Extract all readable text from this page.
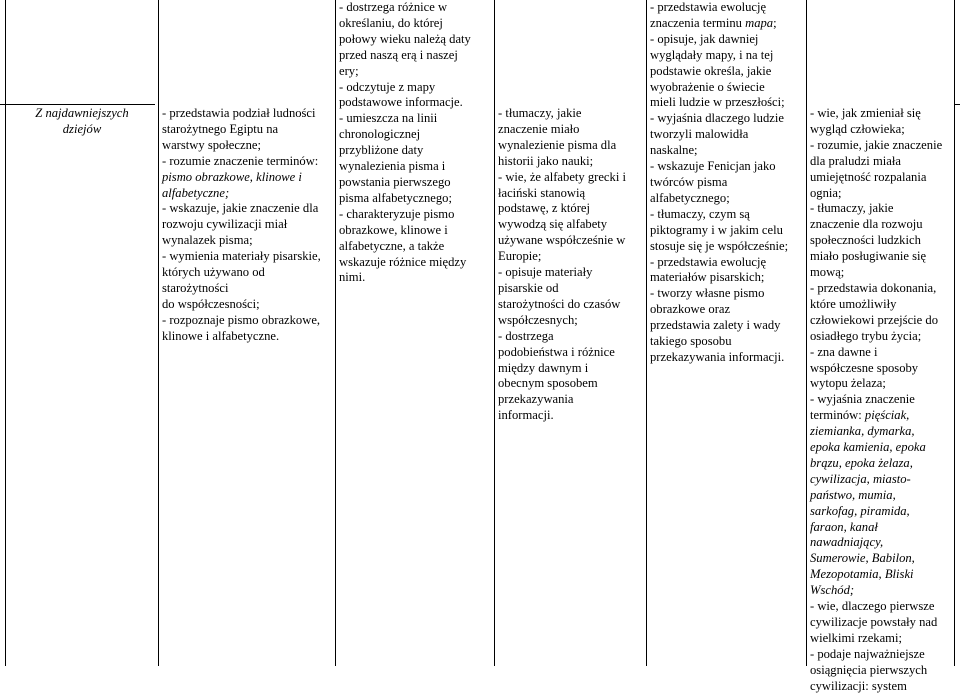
Z najdawniejszych

dziejów

- przedstawia podział ludności

starożytnego Egiptu na

warstwy społeczne;

- rozumie znaczenie terminów:

pismo obrazkowe, klinowe i

alfabetyczne;

- wskazuje, jakie znaczenie dla

rozwoju cywilizacji miał

wynalazek pisma;

- wymienia materiały pisarskie,

których używano od

starożytności

do współczesności;

- rozpoznaje pismo obrazkowe,

klinowe i alfabetyczne.

- dostrzega różnice w

określaniu, do której

połowy wieku należą daty

przed naszą erą i naszej

ery;

- odczytuje z mapy

podstawowe informacje.

- umieszcza na linii

chronologicznej

przybliżone daty

wynalezienia pisma i

powstania pierwszego

pisma alfabetycznego;

- charakteryzuje pismo

obrazkowe, klinowe i

alfabetyczne, a także

wskazuje różnice między

nimi.

- tłumaczy, jakie

znaczenie miało

wynalezienie pisma dla

historii jako nauki;

- wie, że alfabety grecki i

łaciński stanowią

podstawę, z której

wywodzą się alfabety

używane współcześnie w

Europie;

- opisuje materiały

pisarskie od

starożytności do czasów

współczesnych;

- dostrzega

podobieństwa i różnice

między dawnym i

obecnym sposobem

przekazywania

informacji.

- przedstawia ewolucję

znaczenia terminu mapa;

- opisuje, jak dawniej

wyglądały mapy, i na tej

podstawie określa, jakie

wyobrażenie o świecie

mieli ludzie w przeszłości;

- wyjaśnia dlaczego ludzie

tworzyli malowidła

naskalne;

- wskazuje Fenicjan jako

twórców pisma

alfabetycznego;

- tłumaczy, czym są

piktogramy i w jakim celu

stosuje się je współcześnie;

- przedstawia ewolucję

materiałów pisarskich;

- tworzy własne pismo

obrazkowe oraz

przedstawia zalety i wady

takiego sposobu

przekazywania informacji.

- wie, jak zmieniał się

wygląd człowieka;

- rozumie, jakie znaczenie

dla praludzi miała

umiejętność rozpalania

ognia;

- tłumaczy, jakie

znaczenie dla rozwoju

społeczności ludzkich

miało posługiwanie się

mową;

- przedstawia dokonania,

które umożliwiły

człowiekowi przejście do

osiadłego trybu życia;

- zna dawne i

współczesne sposoby

wytopu żelaza;

- wyjaśnia znaczenie

terminów: pięściak,

ziemianka, dymarka,

epoka kamienia, epoka

brązu, epoka żelaza,

cywilizacja, miasto-

państwo, mumia,

sarkofag, piramida,

faraon, kanał

nawadniający,

Sumerowie, Babilon,

Mezopotamia, Bliski

Wschód;

- wie, dlaczego pierwsze

cywilizacje powstały nad

wielkimi rzekami;

- podaje najważniejsze

osiągnięcia pierwszych

cywilizacji: system
